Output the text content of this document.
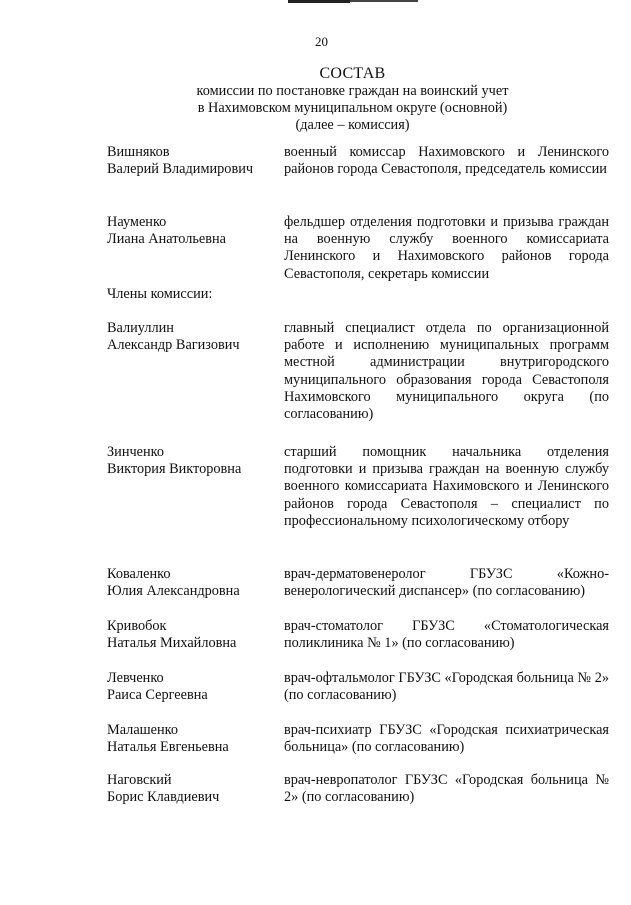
20
СОСТАВ
комиссии по постановке граждан на воинский учет
в Нахимовском муниципальном округе (основной)
(далее – комиссия)
Вишняков
Валерий Владимирович
военный комиссар Нахимовского и Ленинского районов города Севастополя, председатель комиссии
Науменко
Лиана Анатольевна
фельдшер отделения подготовки и призыва граждан на военную службу военного комиссариата Ленинского и Нахимовского районов города Севастополя, секретарь комиссии
Члены комиссии:
Валиуллин
Александр Вагизович
главный специалист отдела по организационной работе и исполнению муниципальных программ местной администрации внутригородского муниципального образования города Севастополя Нахимовского муниципального округа (по согласованию)
Зинченко
Виктория Викторовна
старший помощник начальника отделения подготовки и призыва граждан на военную службу военного комиссариата Нахимовского и Ленинского районов города Севастополя – специалист по профессиональному психологическому отбору
Коваленко
Юлия Александровна
врач-дерматовенеролог ГБУЗС «Кожно-венерологический диспансер» (по согласованию)
Кривобок
Наталья Михайловна
врач-стоматолог ГБУЗС «Стоматологическая поликлиника № 1» (по согласованию)
Левченко
Раиса Сергеевна
врач-офтальмолог ГБУЗС «Городская больница № 2» (по согласованию)
Малашенко
Наталья Евгеньевна
врач-психиатр ГБУЗС «Городская психиатрическая больница» (по согласованию)
Наговский
Борис Клавдиевич
врач-невропатолог ГБУЗС «Городская больница № 2» (по согласованию)
